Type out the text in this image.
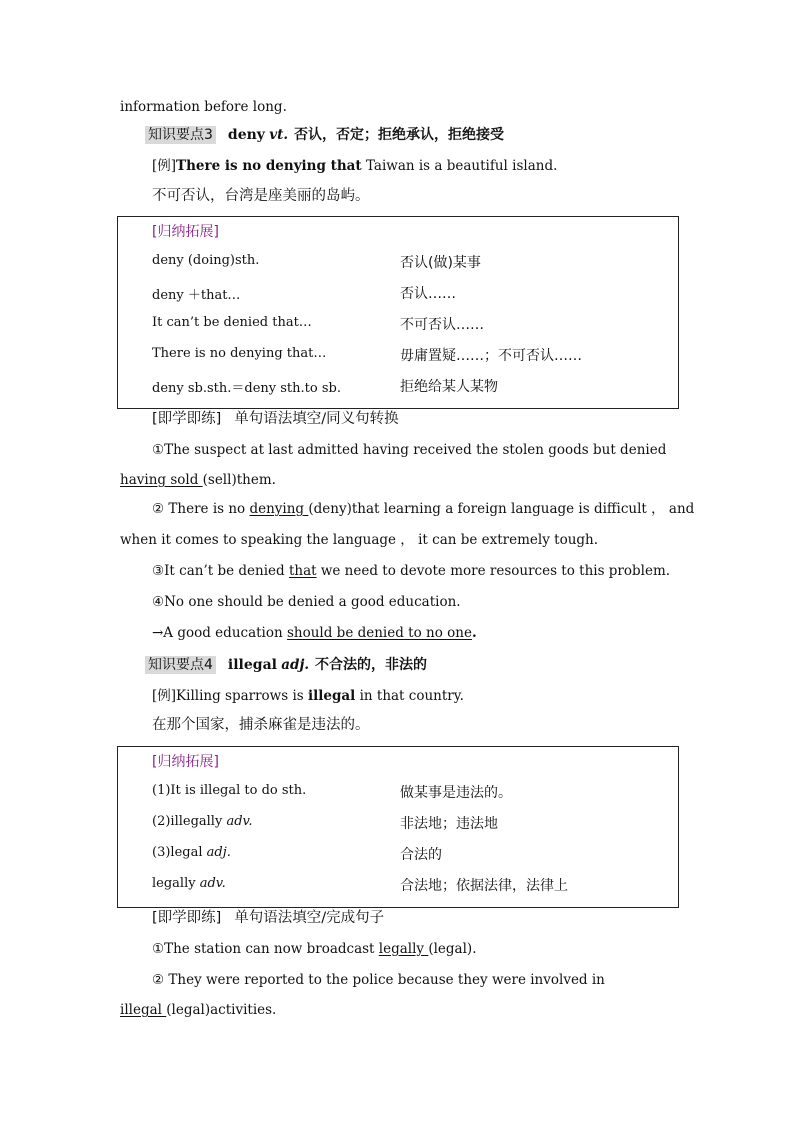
information before long.
知识要点3 deny vt. 否认，否定；拒绝承认，拒绝接受
[例]There is no denying that Taiwan is a beautiful island.
不可否认，台湾是座美丽的岛屿。
[归纳拓展]
deny (doing)sth.	否认(做)某事
deny ＋that…	否认……
It can’t be denied that…	不可否认……
There is no denying that…	毋庸置疑……；不可否认……
deny sb.sth.＝deny sth.to sb.	拒绝给某人某物
[即学即练] 单句语法填空/同义句转换
①The suspect at last admitted having received the stolen goods but denied
having sold (sell)them.
② There is no denying (deny)that learning a foreign language is difficult ， and
when it comes to speaking the language ， it can be extremely tough.
③It can’t be denied that we need to devote more resources to this problem.
④No one should be denied a good education.
→A good education should be denied to no one.
知识要点4 illegal adj. 不合法的，非法的
[例]Killing sparrows is illegal in that country.
在那个国家，捕杀麻雀是违法的。
[归纳拓展]
(1)It is illegal to do sth.	做某事是违法的。
(2)illegally adv.	非法地；违法地
(3)legal adj.	合法的
legally adv.	合法地；依据法律，法律上
[即学即练] 单句语法填空/完成句子
①The station can now broadcast legally (legal).
② They were reported to the police because they were involved in
illegal (legal)activities.
